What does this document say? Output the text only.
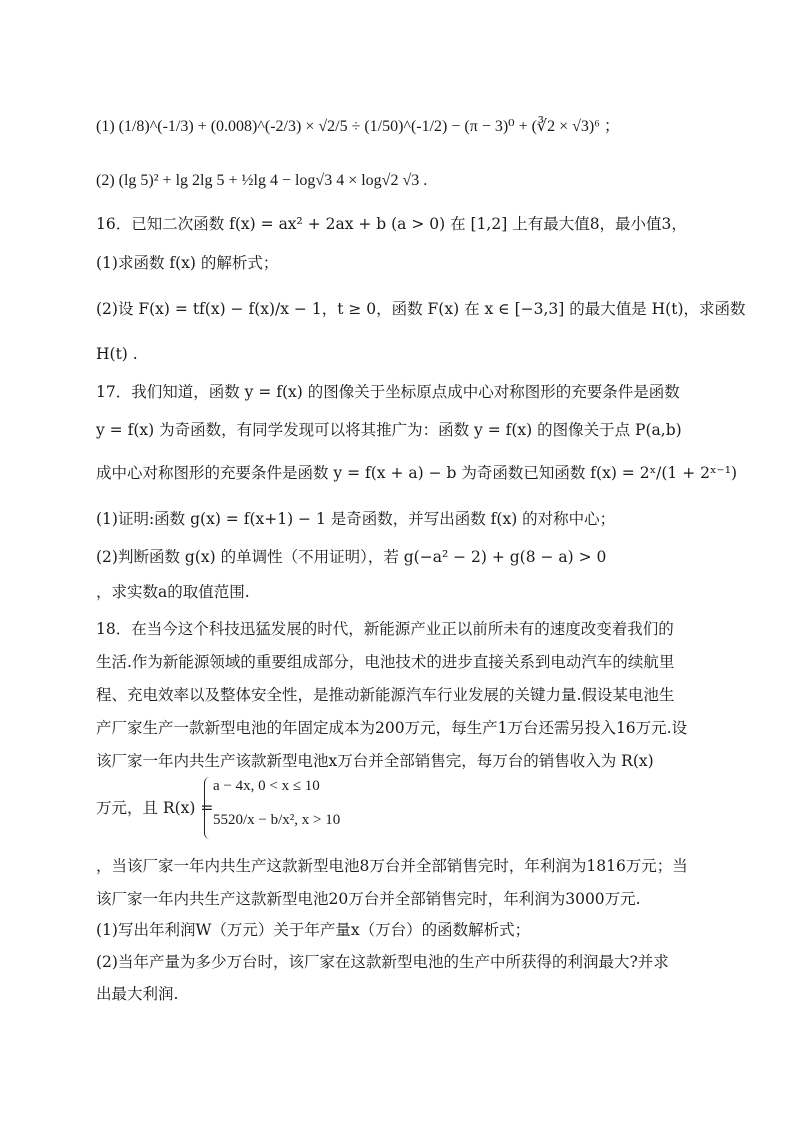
(1) (1/8)^(-1/3) + (0.008)^(-2/3) × √2/5 ÷ (1/50)^(-1/2) − (π − 3)⁰ + (∛2 × √3)⁶ ；
(2) (lg 5)² + lg 2lg 5 + ½lg 4 − log√3 4 × log√2 √3 .
16．已知二次函数 f(x) = ax² + 2ax + b (a > 0) 在 [1,2] 上有最大值8，最小值3，
(1)求函数 f(x) 的解析式；
(2)设 F(x) = tf(x) − f(x)/x − 1，t ≥ 0，函数 F(x) 在 x ∈ [−3,3] 的最大值是 H(t)，求函数
H(t) .
17．我们知道，函数 y = f(x) 的图像关于坐标原点成中心对称图形的充要条件是函数
y = f(x) 为奇函数，有同学发现可以将其推广为：函数 y = f(x) 的图像关于点 P(a,b)
成中心对称图形的充要条件是函数 y = f(x + a) − b 为奇函数已知函数 f(x) = 2ˣ/(1 + 2ˣ⁻¹)
(1)证明:函数 g(x) = f(x+1) − 1 是奇函数，并写出函数 f(x) 的对称中心；
(2)判断函数 g(x) 的单调性（不用证明），若 g(−a² − 2) + g(8 − a) > 0
，求实数a的取值范围.
18．在当今这个科技迅猛发展的时代，新能源产业正以前所未有的速度改变着我们的
生活.作为新能源领域的重要组成部分，电池技术的进步直接关系到电动汽车的续航里
程、充电效率以及整体安全性，是推动新能源汽车行业发展的关键力量.假设某电池生
产厂家生产一款新型电池的年固定成本为200万元，每生产1万台还需另投入16万元.设
该厂家一年内共生产该款新型电池x万台并全部销售完，每万台的销售收入为 R(x)
万元，且 R(x) =
a − 4x, 0 < x ≤ 10
5520/x − b/x², x > 10
，当该厂家一年内共生产这款新型电池8万台并全部销售完时，年利润为1816万元；当
该厂家一年内共生产这款新型电池20万台并全部销售完时，年利润为3000万元.
(1)写出年利润W（万元）关于年产量x（万台）的函数解析式；
(2)当年产量为多少万台时，该厂家在这款新型电池的生产中所获得的利润最大?并求
出最大利润.
